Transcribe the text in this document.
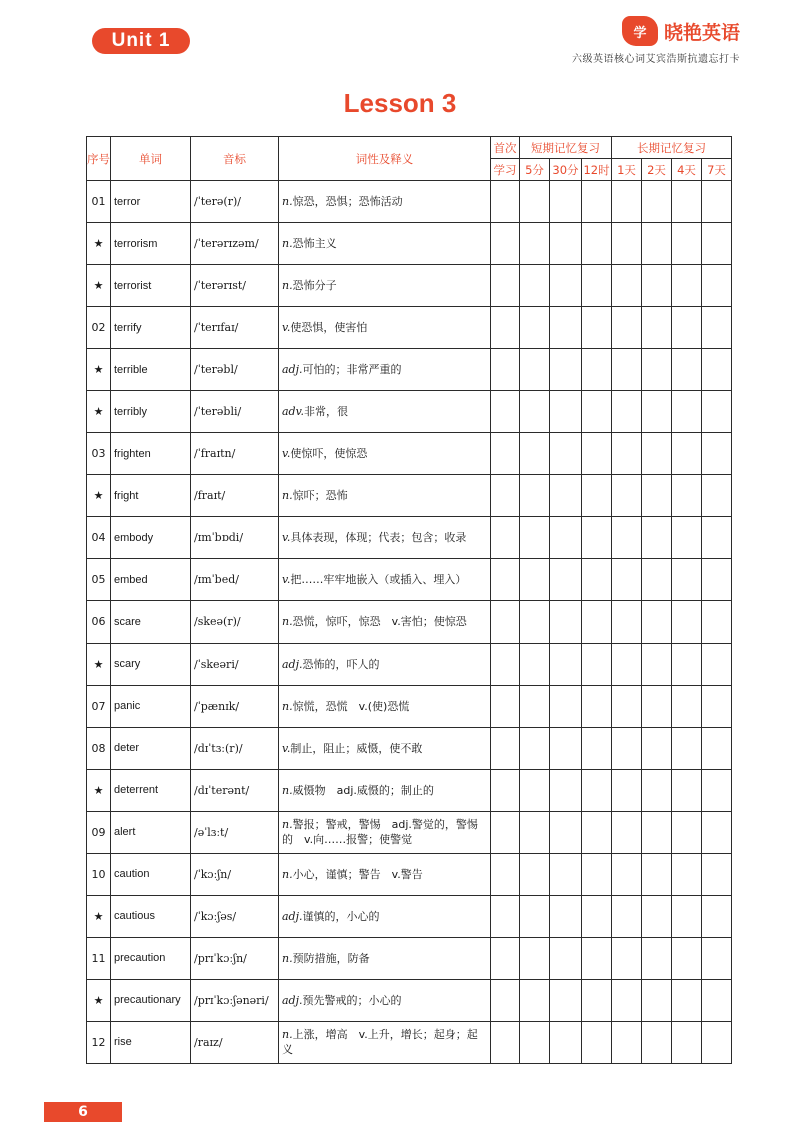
Unit 1	学 晓艳英语
六级英语核心词艾宾浩斯抗遗忘打卡
Lesson 3
序号	单词	音标	词性及释义	首次	短期记忆复习			长期记忆复习			
				学习	5分	30分	12时	1天	2天	4天	7天
01	terror	/ˈterə(r)/	n.惊恐，恐惧；恐怖活动								
★	terrorism	/ˈterərɪzəm/	n.恐怖主义								
★	terrorist	/ˈterərɪst/	n.恐怖分子								
02	terrify	/ˈterɪfaɪ/	v.使恐惧，使害怕								
★	terrible	/ˈterəbl/	adj.可怕的；非常严重的								
★	terribly	/ˈterəbli/	adv.非常，很								
03	frighten	/ˈfraɪtn/	v.使惊吓，使惊恐								
★	fright	/fraɪt/	n.惊吓；恐怖								
04	embody	/ɪmˈbɒdi/	v.具体表现，体现；代表；包含；收录								
05	embed	/ɪmˈbed/	v.把……牢牢地嵌入（或插入、埋入）								
06	scare	/skeə(r)/	n.恐慌，惊吓，惊恐　v.害怕；使惊恐								
★	scary	/ˈskeəri/	adj.恐怖的，吓人的								
07	panic	/ˈpænɪk/	n.惊慌，恐慌　v.(使)恐慌								
08	deter	/dɪˈtɜː(r)/	v.制止，阻止；威慑，使不敢								
★	deterrent	/dɪˈterənt/	n.威慑物　adj.威慑的；制止的								
09	alert	/əˈlɜːt/	n.警报；警戒，警惕　adj.警觉的，警惕的　v.向……报警；使警觉								
10	caution	/ˈkɔːʃn/	n.小心，谨慎；警告　v.警告								
★	cautious	/ˈkɔːʃəs/	adj.谨慎的，小心的								
11	precaution	/prɪˈkɔːʃn/	n.预防措施，防备								
★	precautionary	/prɪˈkɔːʃənəri/	adj.预先警戒的；小心的								
12	rise	/raɪz/	n.上涨，增高　v.上升，增长；起身；起义								
6
